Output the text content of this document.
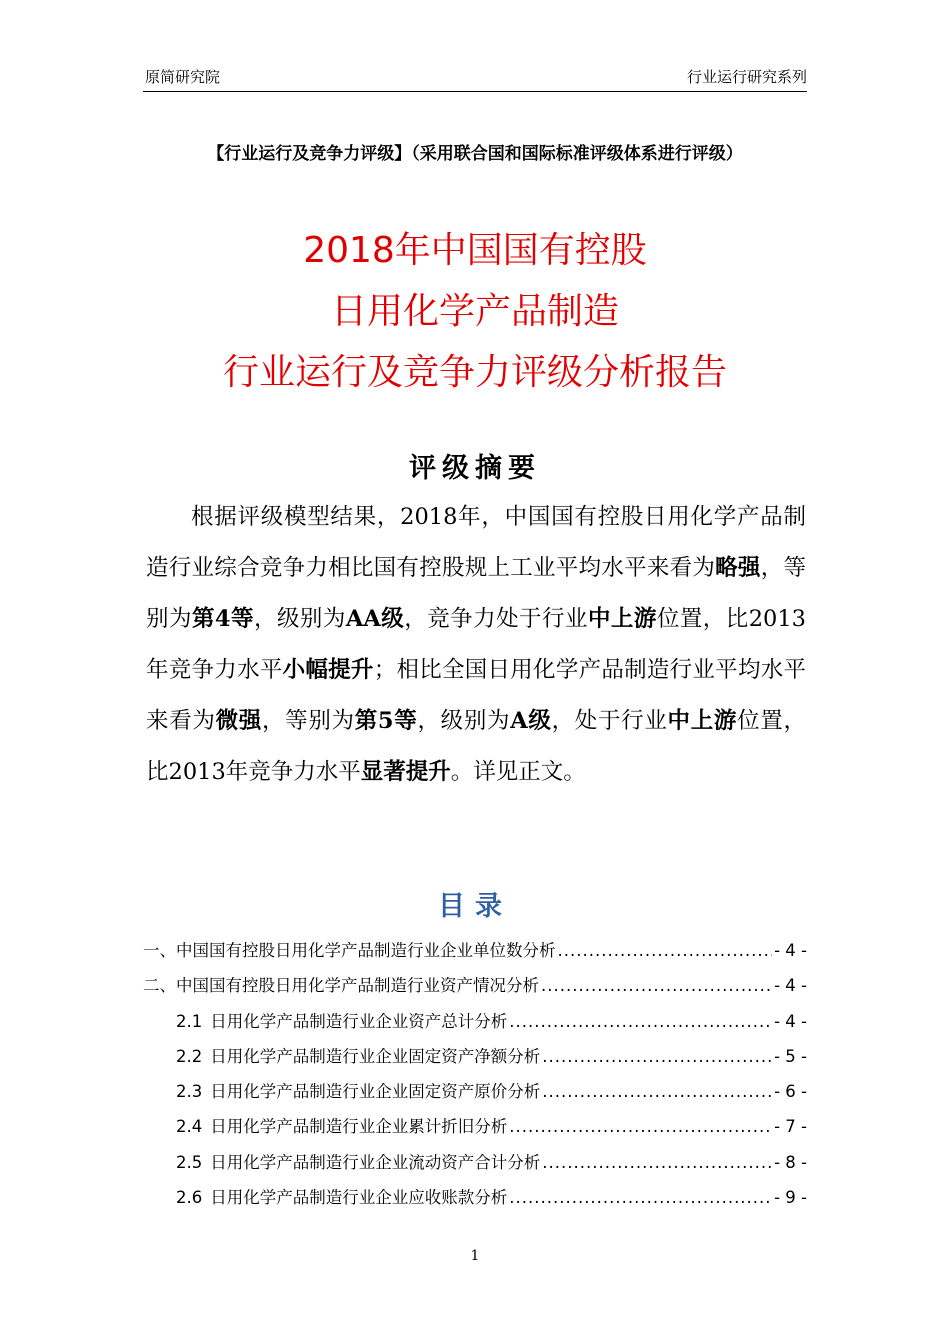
原简研究院	行业运行研究系列
【行业运行及竞争力评级】（采用联合国和国际标准评级体系进行评级）
2018年中国国有控股
日用化学产品制造
行业运行及竞争力评级分析报告
评级摘要
根据评级模型结果，2018年，中国国有控股日用化学产品制造行业综合竞争力相比国有控股规上工业平均水平来看为略强，等别为第4等，级别为AA级，竞争力处于行业中上游位置，比2013年竞争力水平小幅提升；相比全国日用化学产品制造行业平均水平来看为微强，等别为第5等，级别为A级，处于行业中上游位置，比2013年竞争力水平显著提升。详见正文。
目录
一、中国国有控股日用化学产品制造行业企业单位数分析 .....	- 4 -
二、中国国有控股日用化学产品制造行业资产情况分析 .....	- 4 -
2.1 日用化学产品制造行业企业资产总计分析 .....	- 4 -
2.2 日用化学产品制造行业企业固定资产净额分析 .....	- 5 -
2.3 日用化学产品制造行业企业固定资产原价分析 .....	- 6 -
2.4 日用化学产品制造行业企业累计折旧分析 .....	- 7 -
2.5 日用化学产品制造行业企业流动资产合计分析 .....	- 8 -
2.6 日用化学产品制造行业企业应收账款分析 .....	- 9 -
1
